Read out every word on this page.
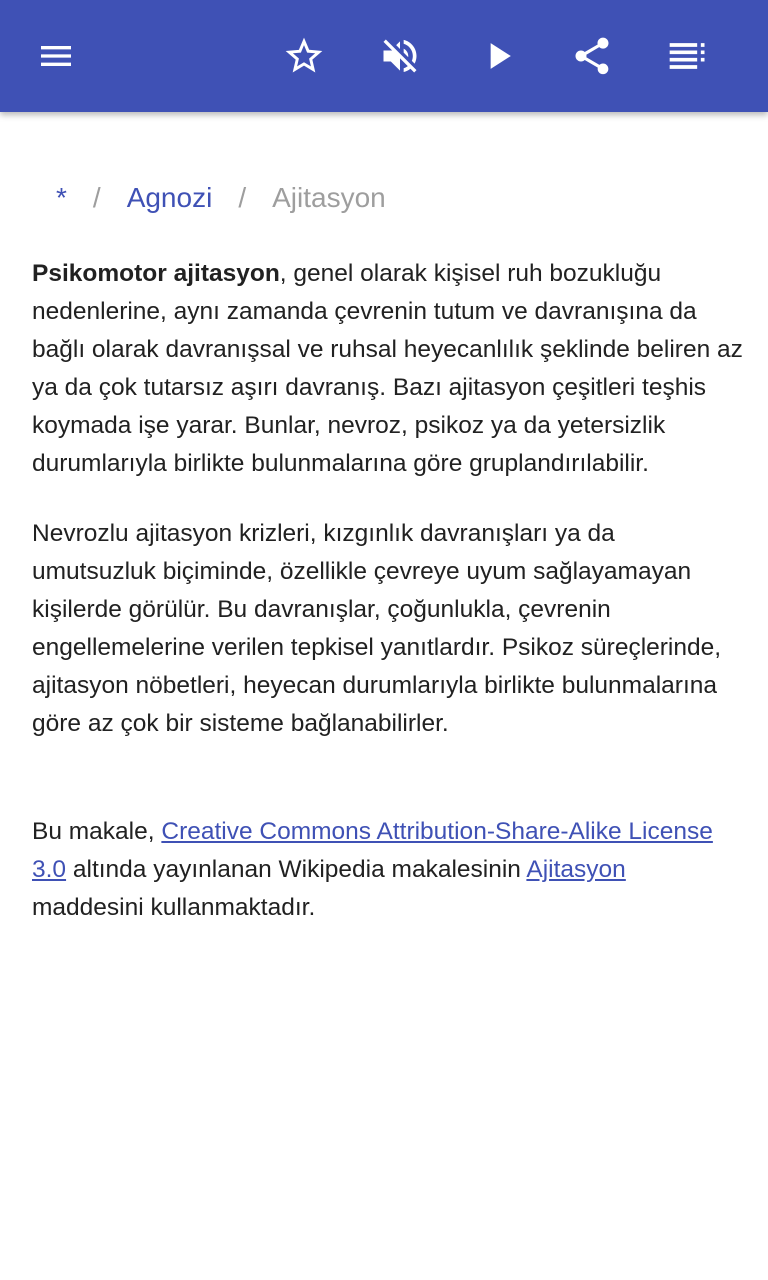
* / Agnozi / Ajitasyon

Psikomotor ajitasyon, genel olarak kişisel ruh bozukluğu nedenlerine, aynı zamanda çevrenin tutum ve davranışına da bağlı olarak davranışsal ve ruhsal heyecanlılık şeklinde beliren az ya da çok tutarsız aşırı davranış. Bazı ajitasyon çeşitleri teşhis koymada işe yarar. Bunlar, nevroz, psikoz ya da yetersizlik durumlarıyla birlikte bulunmalarına göre gruplandırılabilir.

Nevrozlu ajitasyon krizleri, kızgınlık davranışları ya da umutsuzluk biçiminde, özellikle çevreye uyum sağlayamayan kişilerde görülür. Bu davranışlar, çoğunlukla, çevrenin engellemelerine verilen tepkisel yanıtlardır. Psikoz süreçlerinde, ajitasyon nöbetleri, heyecan durumlarıyla birlikte bulunmalarına göre az çok bir sisteme bağlanabilirler.

Bu makale, Creative Commons Attribution-Share-Alike License 3.0 altında yayınlanan Wikipedia makalesinin Ajitasyon maddesini kullanmaktadır.
